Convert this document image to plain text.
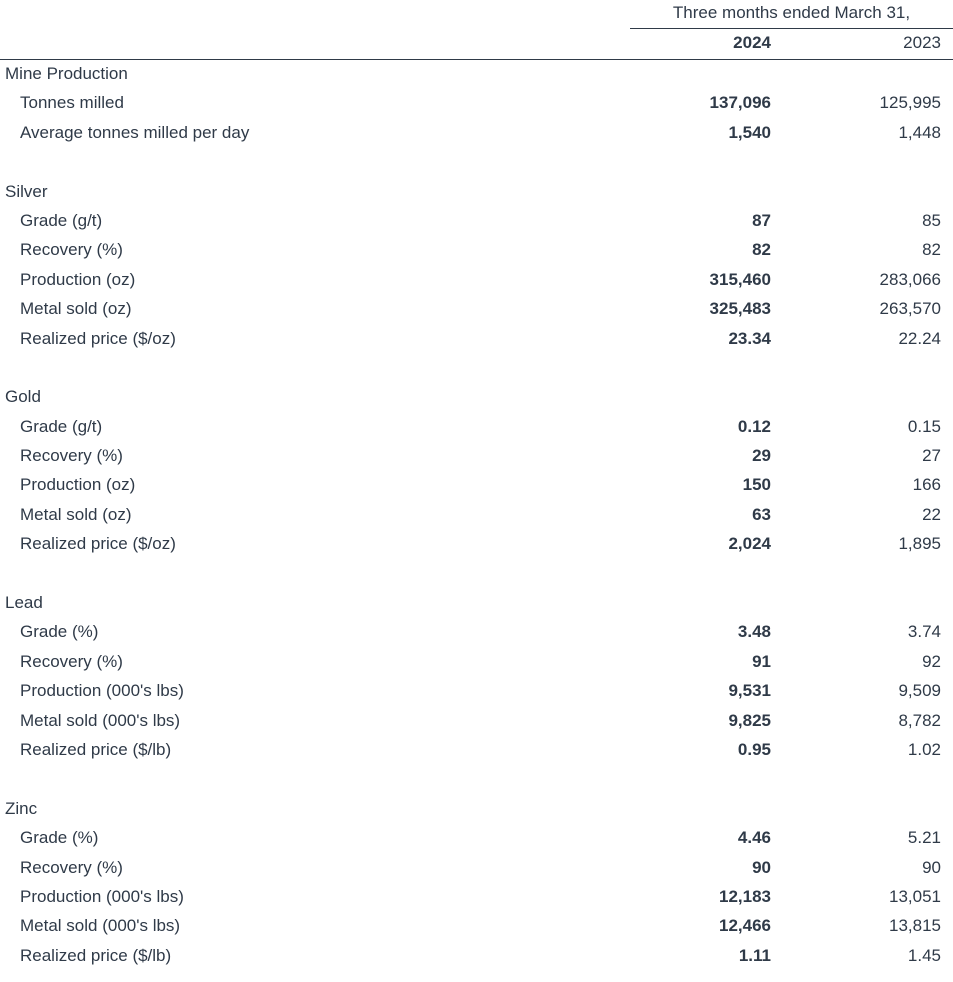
Three months ended March 31,
2024	2023
Mine Production
Tonnes milled	137,096	125,995
Average tonnes milled per day	1,540	1,448
Silver
Grade (g/t)	87	85
Recovery (%)	82	82
Production (oz)	315,460	283,066
Metal sold (oz)	325,483	263,570
Realized price ($/oz)	23.34	22.24
Gold
Grade (g/t)	0.12	0.15
Recovery (%)	29	27
Production (oz)	150	166
Metal sold (oz)	63	22
Realized price ($/oz)	2,024	1,895
Lead
Grade (%)	3.48	3.74
Recovery (%)	91	92
Production (000's lbs)	9,531	9,509
Metal sold (000's lbs)	9,825	8,782
Realized price ($/lb)	0.95	1.02
Zinc
Grade (%)	4.46	5.21
Recovery (%)	90	90
Production (000's lbs)	12,183	13,051
Metal sold (000's lbs)	12,466	13,815
Realized price ($/lb)	1.11	1.45
